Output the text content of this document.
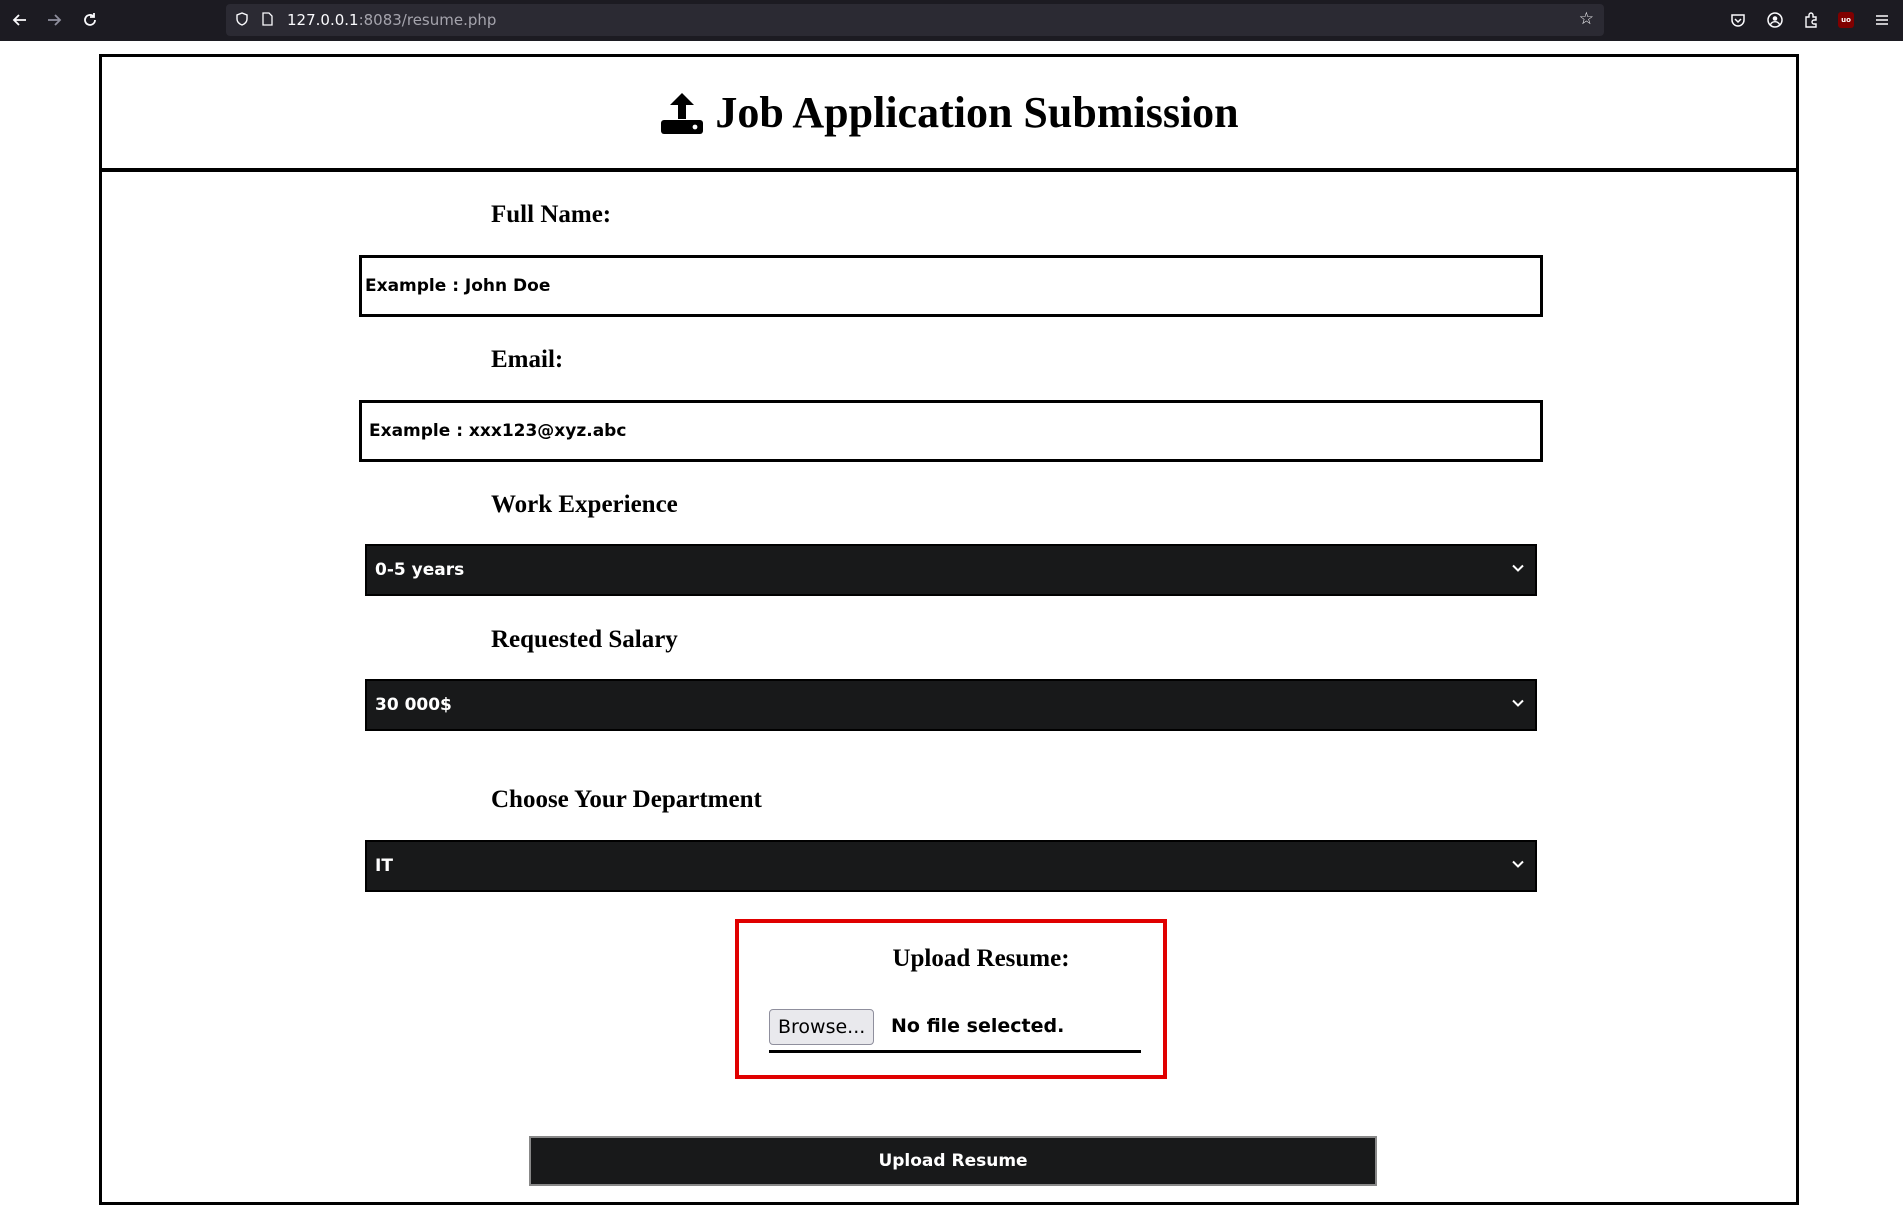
127.0.0.1:8083/resume.php	☆	uo
Job Application Submission
Full Name:
Example : John Doe
Email:
Example : xxx123@xyz.abc
Work Experience
0-5 years
Requested Salary
30 000$
Choose Your Department
IT
Upload Resume:
Browse...	No file selected.
Upload Resume
